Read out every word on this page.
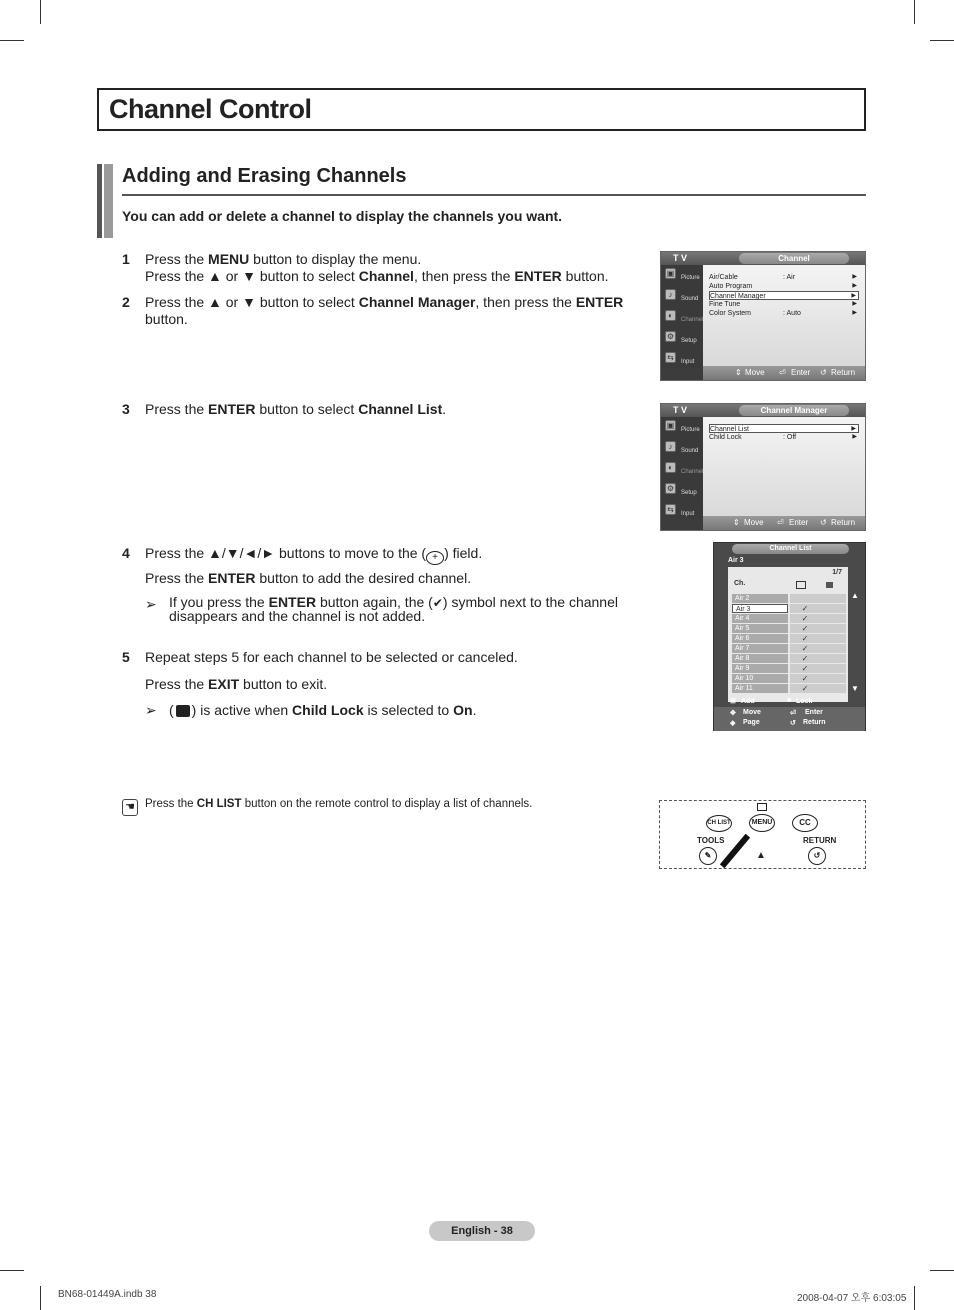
Channel Control
Adding and Erasing Channels
You can add or delete a channel to display the channels you want.
1 Press the MENU button to display the menu.
Press the ▲ or ▼ button to select Channel, then press the ENTER button.
2 Press the ▲ or ▼ button to select Channel Manager, then press the ENTER button.
3 Press the ENTER button to select Channel List.
4 Press the ▲/▼/◄/► buttons to move to the ( + ) field.
Press the ENTER button to add the desired channel.
➢ If you press the ENTER button again, the (✔) symbol next to the channel disappears and the channel is not added.
5 Repeat steps 5 for each channel to be selected or canceled.
Press the EXIT button to exit.
➢ ( ) is active when Child Lock is selected to On.
T V	Channel
▣ Picture
♪	Sound
◐	Channel
⚙	Setup
⇆	Input
Air/Cable	: Air	▶
Auto Program	▶
Channel Manager	▶
Fine Tune	▶
Color System	: Auto	▶
⇕ Move ⏎ Enter ↺ Return
T V	Channel Manager
▣ Picture
♪	Sound
◐	Channel
⚙	Setup
⇆	Input
Channel List	▶
Child Lock	: Off	▶
⇕ Move ⏎ Enter ↺ Return
Channel List
Air 3
1/7
Ch.
Air 2
Air 3	✓
Air 4	✓
Air 5	✓
Air 6	✓
Air 7	✓
Air 8	✓
Air 9	✓
Air 10	✓
Air 11	✓
▲
▼
⊞ Add	■ Lock
✥ Move	⏎ Enter
◈ Page	↺ Return
☚ Press the CH LIST button on the remote control to display a list of channels.
CH LIST	MENU	CC
TOOLS	RETURN
✎	↺
▲
English - 38
BN68-01449A.indb 38	2008-04-07 오후 6:03:05
